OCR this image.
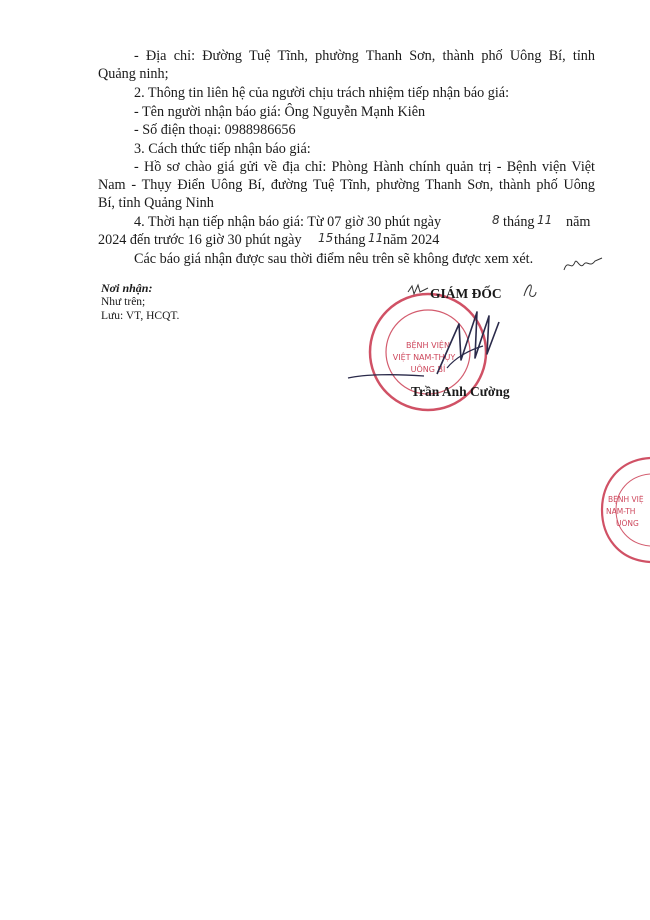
- Địa chỉ: Đường Tuệ Tĩnh, phường Thanh Sơn, thành phố Uông Bí, tỉnh

Quảng ninh;

2. Thông tin liên hệ của người chịu trách nhiệm tiếp nhận báo giá:

- Tên người nhận báo giá: Ông Nguyễn Mạnh Kiên

- Số điện thoại: 0988986656

3. Cách thức tiếp nhận báo giá:

- Hồ sơ chào giá gửi về địa chỉ: Phòng Hành chính quản trị - Bệnh viện Việt

Nam - Thụy Điển Uông Bí, đường Tuệ Tĩnh, phường Thanh Sơn, thành phố Uông

Bí, tỉnh Quảng Ninh

4. Thời hạn tiếp nhận báo giá: Từ 07 giờ 30 phút ngày	8 tháng 11 năm

2024 đến trước 16 giờ 30 phút ngày 15 tháng 11 năm 2024

Các báo giá nhận được sau thời điểm nêu trên sẽ không được xem xét.

Nơi nhận:

Như trên;

Lưu: VT, HCQT.

BỆNH VIỆN
VIỆT NAM-THỤY
UÔNG BÍ
GIÁM ĐỐC
Trần Anh Cường
BỆNH VIỆ
NAM-TH
UÔNG
